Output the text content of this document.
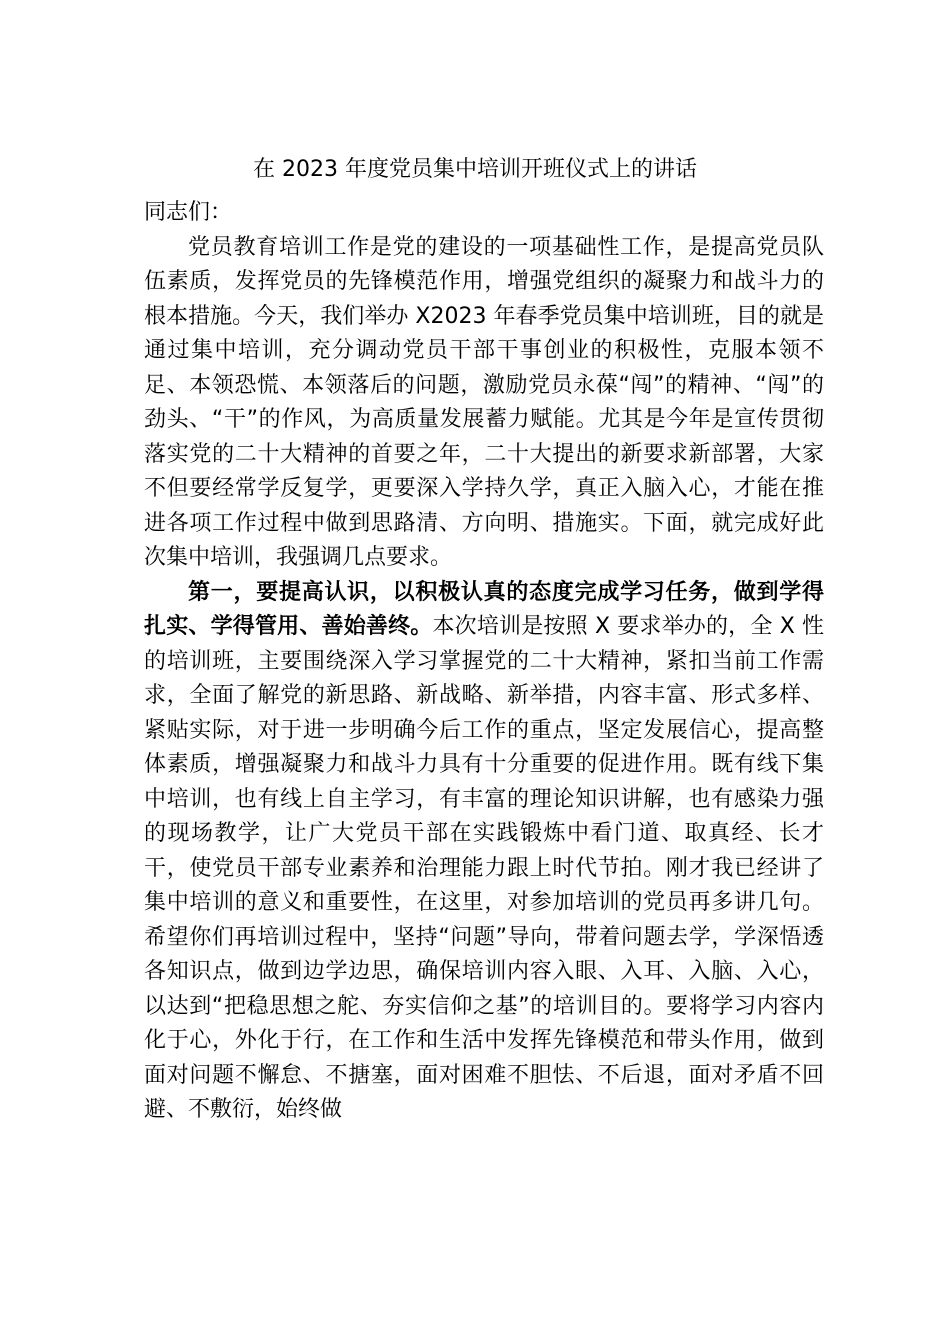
在 2023 年度党员集中培训开班仪式上的讲话

同志们：

党员教育培训工作是党的建设的一项基础性工作，是提高党员队伍素质，发挥党员的先锋模范作用，增强党组织的凝聚力和战斗力的根本措施。今天，我们举办 X2023 年春季党员集中培训班，目的就是通过集中培训，充分调动党员干部干事创业的积极性，克服本领不足、本领恐慌、本领落后的问题，激励党员永葆“闯”的精神、“闯”的劲头、“干”的作风，为高质量发展蓄力赋能。尤其是今年是宣传贯彻落实党的二十大精神的首要之年，二十大提出的新要求新部署，大家不但要经常学反复学，更要深入学持久学，真正入脑入心，才能在推进各项工作过程中做到思路清、方向明、措施实。下面，就完成好此次集中培训，我强调几点要求。

第一，要提高认识，以积极认真的态度完成学习任务，做到学得扎实、学得管用、善始善终。本次培训是按照 X 要求举办的，全 X 性的培训班，主要围绕深入学习掌握党的二十大精神，紧扣当前工作需求，全面了解党的新思路、新战略、新举措，内容丰富、形式多样、紧贴实际，对于进一步明确今后工作的重点，坚定发展信心，提高整体素质，增强凝聚力和战斗力具有十分重要的促进作用。既有线下集中培训，也有线上自主学习，有丰富的理论知识讲解，也有感染力强的现场教学，让广大党员干部在实践锻炼中看门道、取真经、长才干，使党员干部专业素养和治理能力跟上时代节拍。刚才我已经讲了集中培训的意义和重要性，在这里，对参加培训的党员再多讲几句。希望你们再培训过程中，坚持“问题”导向，带着问题去学，学深悟透各知识点，做到边学边思，确保培训内容入眼、入耳、入脑、入心，以达到“把稳思想之舵、夯实信仰之基”的培训目的。要将学习内容内化于心，外化于行，在工作和生活中发挥先锋模范和带头作用，做到面对问题不懈怠、不搪塞，面对困难不胆怯、不后退，面对矛盾不回避、不敷衍，始终做
